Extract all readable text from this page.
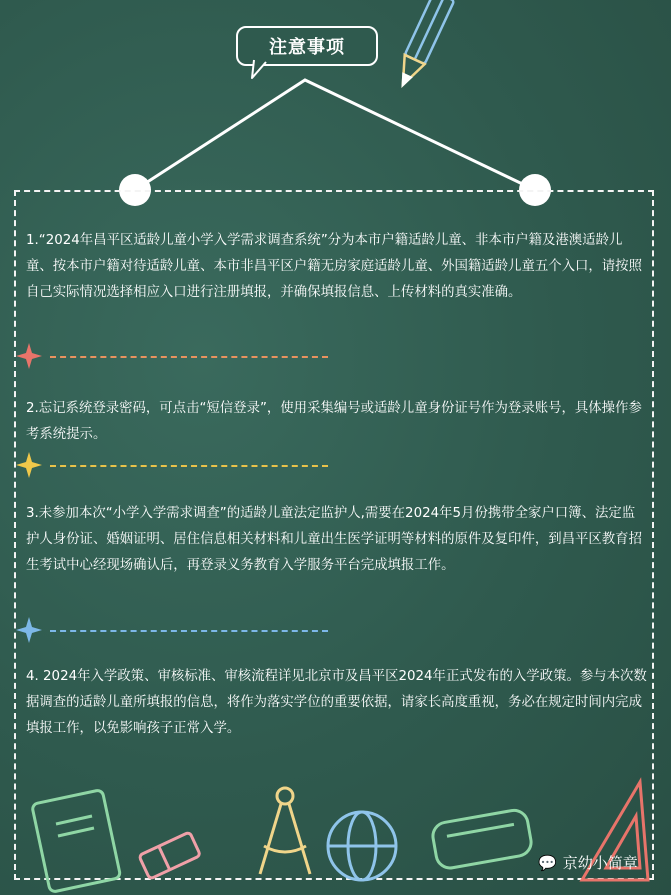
注意事项

1.“2024年昌平区适龄儿童小学入学需求调查系统”分为本市户籍适龄儿童、非本市户籍及港澳适龄儿童、按本市户籍对待适龄儿童、本市非昌平区户籍无房家庭适龄儿童、外国籍适龄儿童五个入口，请按照自己实际情况选择相应入口进行注册填报，并确保填报信息、上传材料的真实准确。

2.忘记系统登录密码，可点击“短信登录”，使用采集编号或适龄儿童身份证号作为登录账号，具体操作参考系统提示。

3.未参加本次“小学入学需求调查”的适龄儿童法定监护人,需要在2024年5月份携带全家户口簿、法定监护人身份证、婚姻证明、居住信息相关材料和儿童出生医学证明等材料的原件及复印件，到昌平区教育招生考试中心经现场确认后，再登录义务教育入学服务平台完成填报工作。

4. 2024年入学政策、审核标准、审核流程详见北京市及昌平区2024年正式发布的入学政策。参与本次数据调查的适龄儿童所填报的信息，将作为落实学位的重要依据，请家长高度重视，务必在规定时间内完成填报工作，以免影响孩子正常入学。

💬 京幼小简章
